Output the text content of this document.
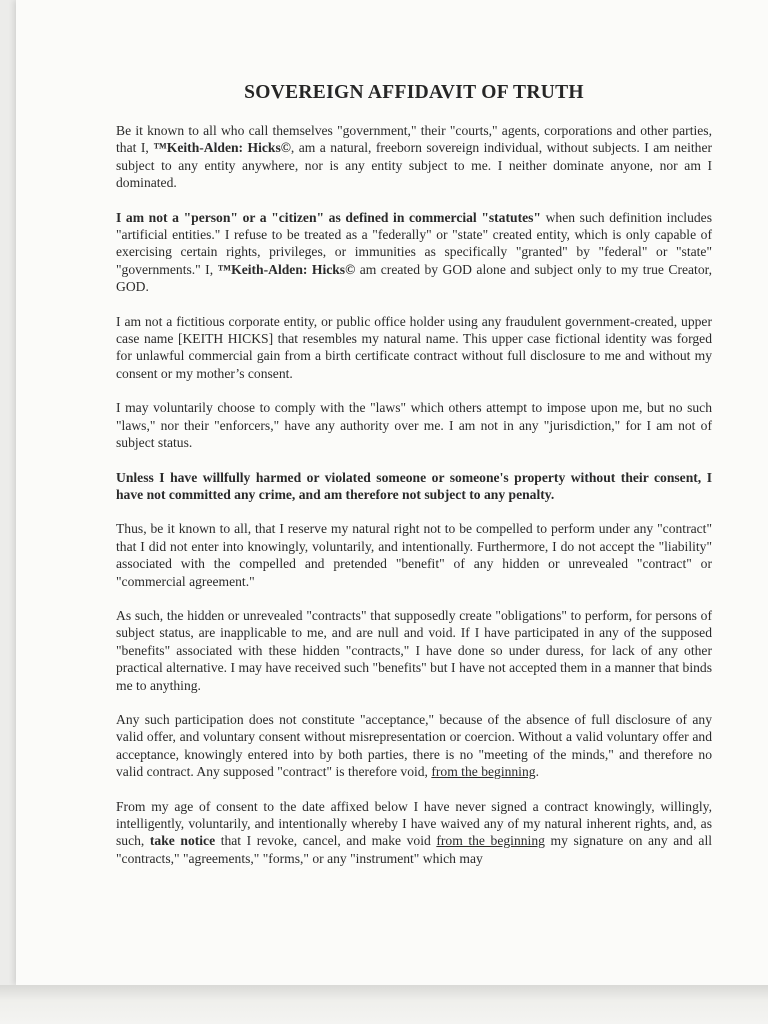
SOVEREIGN AFFIDAVIT OF TRUTH

Be it known to all who call themselves "government," their "courts," agents, corporations and other parties, that I, ™Keith-Alden: Hicks©, am a natural, freeborn sovereign individual, without subjects. I am neither subject to any entity anywhere, nor is any entity subject to me. I neither dominate anyone, nor am I dominated.

I am not a "person" or a "citizen" as defined in commercial "statutes" when such definition includes "artificial entities." I refuse to be treated as a "federally" or "state" created entity, which is only capable of exercising certain rights, privileges, or immunities as specifically "granted" by "federal" or "state" "governments." I, ™Keith-Alden: Hicks© am created by GOD alone and subject only to my true Creator, GOD.

I am not a fictitious corporate entity, or public office holder using any fraudulent government-created, upper case name [KEITH HICKS] that resembles my natural name. This upper case fictional identity was forged for unlawful commercial gain from a birth certificate contract without full disclosure to me and without my consent or my mother’s consent.

I may voluntarily choose to comply with the "laws" which others attempt to impose upon me, but no such "laws," nor their "enforcers," have any authority over me. I am not in any "jurisdiction," for I am not of subject status.

Unless I have willfully harmed or violated someone or someone's property without their consent, I have not committed any crime, and am therefore not subject to any penalty.

Thus, be it known to all, that I reserve my natural right not to be compelled to perform under any "contract" that I did not enter into knowingly, voluntarily, and intentionally. Furthermore, I do not accept the "liability" associated with the compelled and pretended "benefit" of any hidden or unrevealed "contract" or "commercial agreement."

As such, the hidden or unrevealed "contracts" that supposedly create "obligations" to perform, for persons of subject status, are inapplicable to me, and are null and void. If I have participated in any of the supposed "benefits" associated with these hidden "contracts," I have done so under duress, for lack of any other practical alternative. I may have received such "benefits" but I have not accepted them in a manner that binds me to anything.

Any such participation does not constitute "acceptance," because of the absence of full disclosure of any valid offer, and voluntary consent without misrepresentation or coercion. Without a valid voluntary offer and acceptance, knowingly entered into by both parties, there is no "meeting of the minds," and therefore no valid contract. Any supposed "contract" is therefore void, from the beginning.

From my age of consent to the date affixed below I have never signed a contract knowingly, willingly, intelligently, voluntarily, and intentionally whereby I have waived any of my natural inherent rights, and, as such, take notice that I revoke, cancel, and make void from the beginning my signature on any and all "contracts," "agreements," "forms," or any "instrument" which may
